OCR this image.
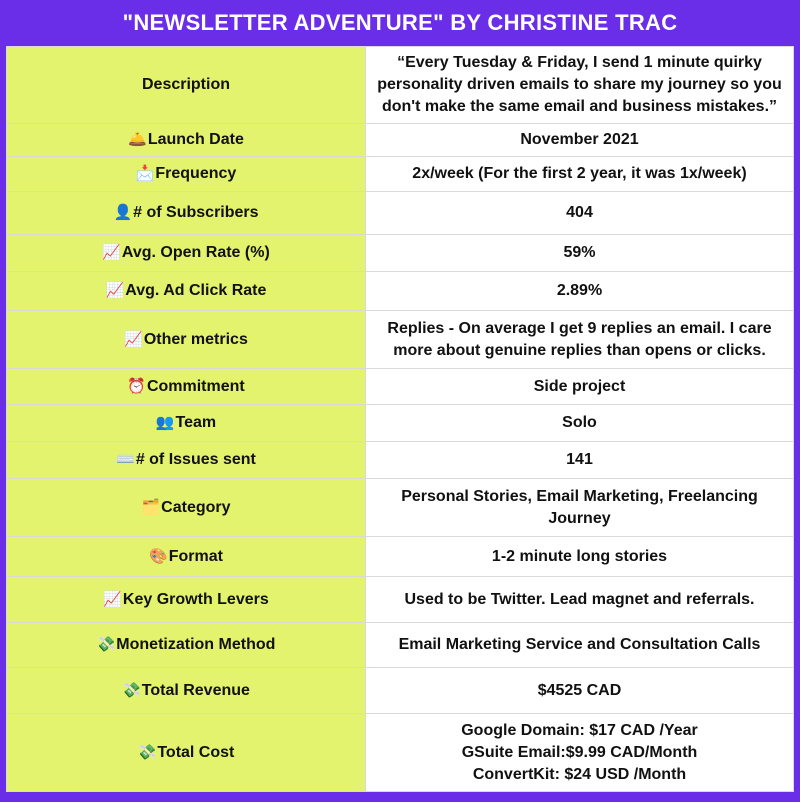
"NEWSLETTER ADVENTURE" BY CHRISTINE TRAC
Description	“Every Tuesday & Friday, I send 1 minute quirky personality driven emails to share my journey so you don't make the same email and business mistakes.”
🛎️Launch Date	November 2021
📩Frequency	2x/week (For the first 2 year, it was 1x/week)
👤# of Subscribers	404
📈Avg. Open Rate (%)	59%
📈Avg. Ad Click Rate	2.89%
📈Other metrics	Replies - On average I get 9 replies an email. I care more about genuine replies than opens or clicks.
⏰Commitment	Side project
👥Team	Solo
⌨️# of Issues sent	141
🗂️Category	Personal Stories, Email Marketing, Freelancing Journey
🎨Format	1-2 minute long stories
📈Key Growth Levers	Used to be Twitter. Lead magnet and referrals.
💸Monetization Method	Email Marketing Service and Consultation Calls
💸Total Revenue	$4525 CAD
💸Total Cost	Google Domain: $17 CAD /Year
GSuite Email:$9.99 CAD/Month
ConvertKit: $24 USD /Month
